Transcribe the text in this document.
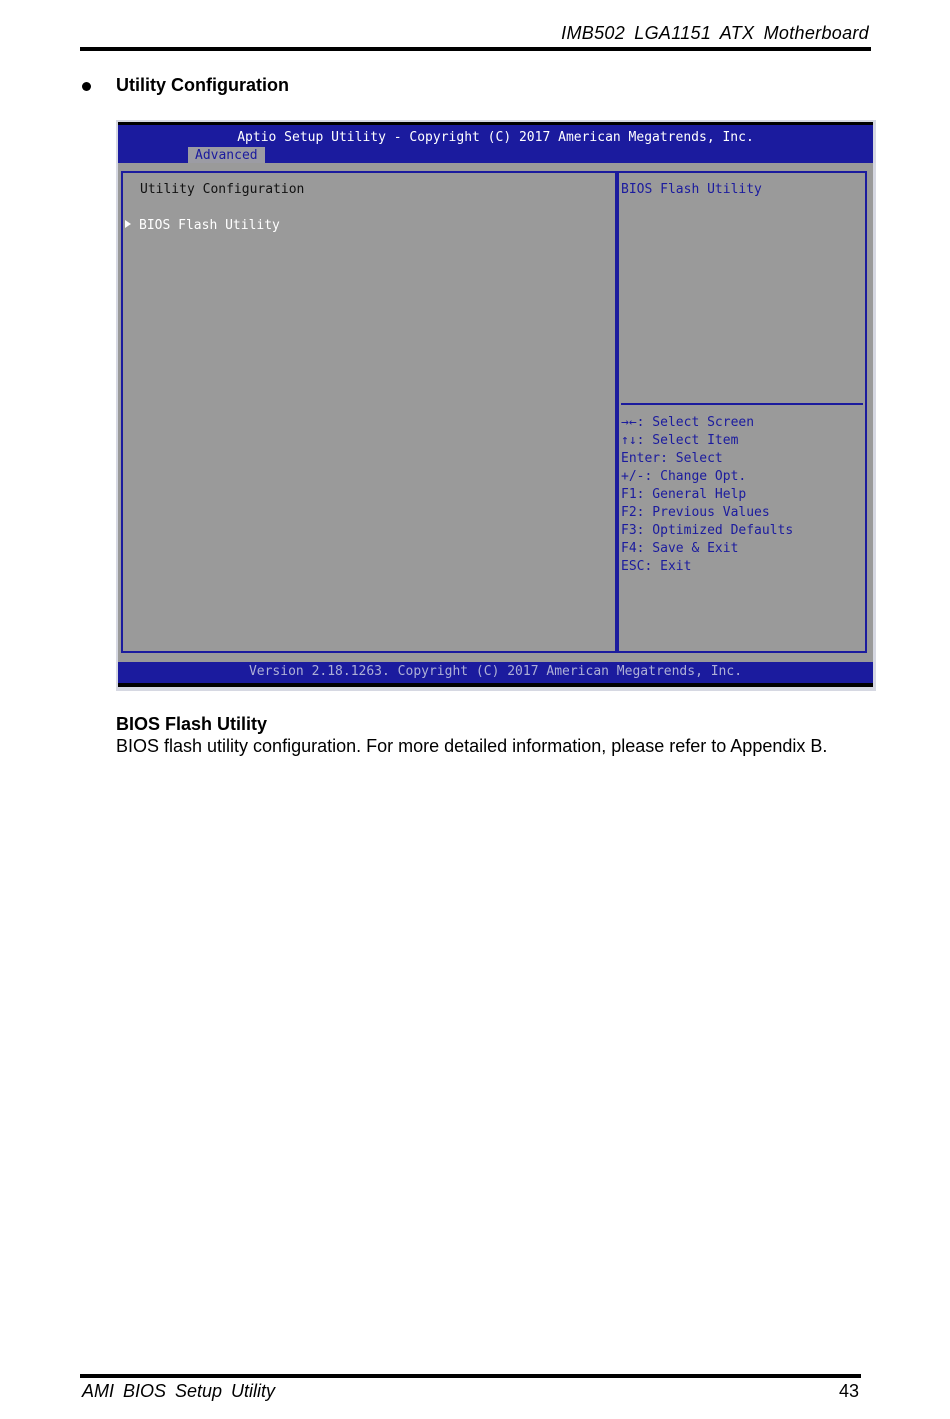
IMB502 LGA1151 ATX Motherboard
Utility Configuration
Aptio Setup Utility - Copyright (C) 2017 American Megatrends, Inc.
Advanced
Utility Configuration
BIOS Flash Utility
BIOS Flash Utility
→←: Select Screen
↑↓: Select Item
Enter: Select
+/-: Change Opt.
F1: General Help
F2: Previous Values
F3: Optimized Defaults
F4: Save & Exit
ESC: Exit
Version 2.18.1263. Copyright (C) 2017 American Megatrends, Inc.
BIOS Flash Utility
BIOS flash utility configuration. For more detailed information, please refer to Appendix B.
AMI BIOS Setup Utility	43
